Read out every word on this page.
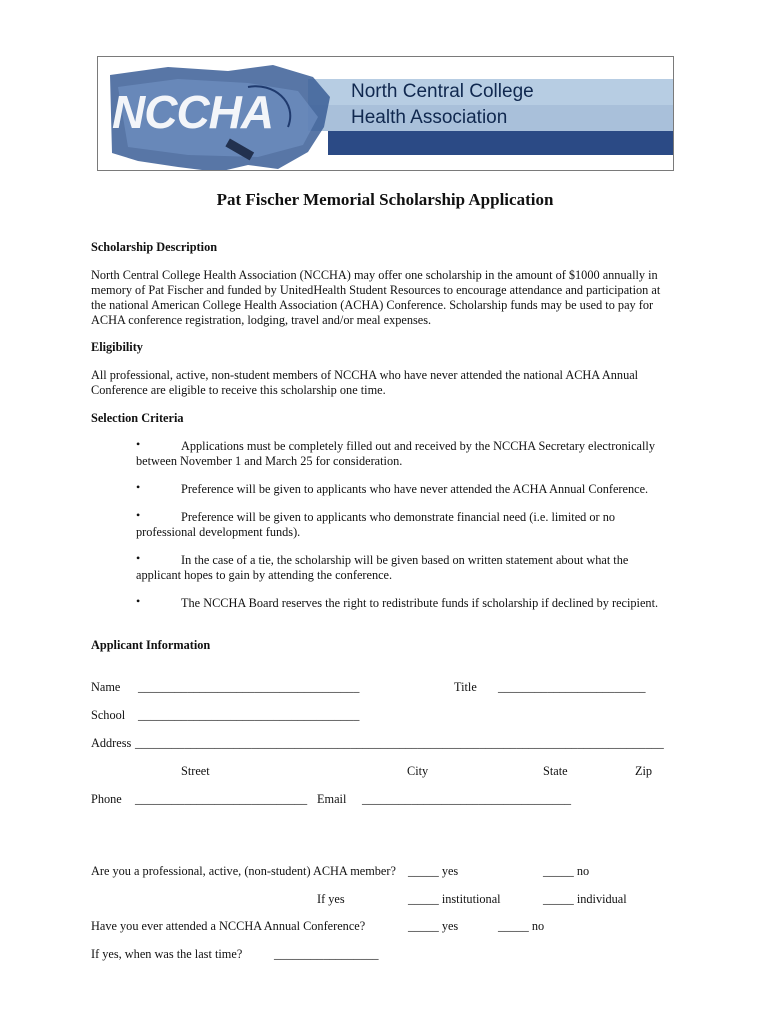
NCCHA	North Central College
Health Association
Pat Fischer Memorial Scholarship Application
Scholarship Description
North Central College Health Association (NCCHA) may offer one scholarship in the amount of $1000 annually in
memory of Pat Fischer and funded by UnitedHealth Student Resources to encourage attendance and participation at
the national American College Health Association (ACHA) Conference. Scholarship funds may be used to pay for
ACHA conference registration, lodging, travel and/or meal expenses.
Eligibility
All professional, active, non-student members of NCCHA who have never attended the national ACHA Annual
Conference are eligible to receive this scholarship one time.
Selection Criteria
•	Applications must be completely filled out and received by the NCCHA Secretary electronically
between November 1 and March 25 for consideration.
•	Preference will be given to applicants who have never attended the ACHA Annual Conference.
•	Preference will be given to applicants who demonstrate financial need (i.e. limited or no
professional development funds).
•	In the case of a tie, the scholarship will be given based on written statement about what the
applicant hopes to gain by attending the conference.
•	The NCCHA Board reserves the right to redistribute funds if scholarship if declined by recipient.
Applicant Information
Name ____________________________________	Title ________________________
School ____________________________________
Address ______________________________________________________________________________________
Street	City	State	Zip
Phone ____________________________ Email __________________________________
Are you a professional, active, (non-student) ACHA member? _____ yes	_____ no
If yes	_____ institutional	_____ individual
Have you ever attended a NCCHA Annual Conference?	_____ yes	_____ no
If yes, when was the last time?	_________________
